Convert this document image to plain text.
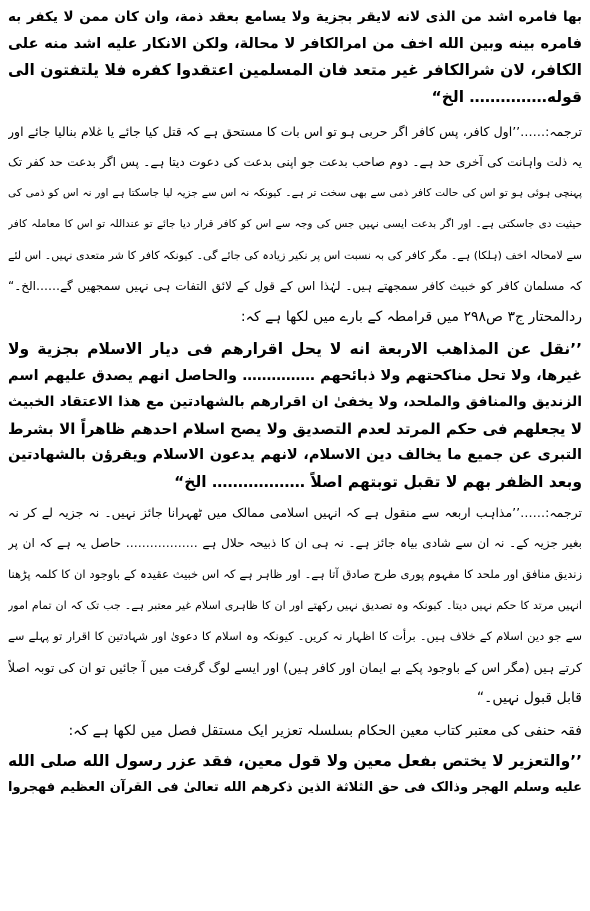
بها فامره اشد من الذی لانه لایقر بجزیة ولا یسامع بعقد ذمة، وان کان ممن لا یکفر به
فامره بینه وبین الله اخف من امرالکافر لا محالة، ولکن الانکار علیه اشد منه علی
الکافر، لان شرالکافر غیر متعد فان المسلمین اعتقدوا کفره فلا یلتفتون الی
قوله…………… الخ“
ترجمہ:……’’اول کافر، پس کافر اگر حربی ہو تو اس بات کا مستحق ہے کہ قتل کیا جائے یا غلام بنالیا جائے اور
یہ ذلت واہانت کی آخری حد ہے۔ دوم صاحب بدعت جو اپنی بدعت کی دعوت دیتا ہے۔ پس اگر بدعت حد کفر تک
پہنچی ہوئی ہو تو اس کی حالت کافر ذمی سے بھی سخت تر ہے۔ کیونکہ نہ اس سے جزیہ لیا جاسکتا ہے اور نہ اس کو ذمی کی
حیثیت دی جاسکتی ہے۔ اور اگر بدعت ایسی نہیں جس کی وجہ سے اس کو کافر قرار دیا جائے تو عنداللہ تو اس کا معاملہ کافر
سے لامحالہ اخف (ہلکا) ہے۔ مگر کافر کی بہ نسبت اس پر نکیر زیادہ کی جائے گی۔ کیونکہ کافر کا شر متعدی نہیں۔ اس لئے
کہ مسلمان کافر کو خبیث کافر سمجھتے ہیں۔ لہٰذا اس کے قول کے لائق التفات ہی نہیں سمجھیں گے……الخ۔“
ردالمحتار ج۳ ص۲۹۸ میں قرامطہ کے بارے میں لکھا ہے کہ:
’’نقل عن المذاهب الاربعة انه لا یحل اقرارهم فی دیار الاسلام بجزیة ولا
غیرها، ولا تحل مناکحتهم ولا ذبائحهم …………… والحاصل انهم یصدق علیهم اسم
الزندیق والمنافق والملحد، ولا یخفیٰ ان اقرارهم بالشهادتین مع هذا الاعتقاد الخبیث
لا یجعلهم فی حکم المرتد لعدم التصدیق ولا یصح اسلام احدهم ظاهراً الا بشرط
التبری عن جمیع ما یخالف دین الاسلام، لانهم یدعون الاسلام ویقرؤن بالشهادتین
وبعد الظفر بهم لا تقبل توبتهم اصلاً ……………… الخ“
ترجمہ:……’’مذاہب اربعہ سے منقول ہے کہ انہیں اسلامی ممالک میں ٹھہرانا جائز نہیں۔ نہ جزیہ لے کر نہ
بغیر جزیہ کے۔ نہ ان سے شادی بیاہ جائز ہے۔ نہ ہی ان کا ذبیحہ حلال ہے ……………… حاصل یہ ہے کہ ان پر
زندیق منافق اور ملحد کا مفہوم پوری طرح صادق آتا ہے۔ اور ظاہر ہے کہ اس خبیث عقیدہ کے باوجود ان کا کلمہ پڑھنا
انہیں مرتد کا حکم نہیں دیتا۔ کیونکہ وہ تصدیق نہیں رکھتے اور ان کا ظاہری اسلام غیر معتبر ہے۔ جب تک کہ ان تمام امور
سے جو دین اسلام کے خلاف ہیں۔ برأت کا اظہار نہ کریں۔ کیونکہ وہ اسلام کا دعویٰ اور شہادتین کا اقرار تو پہلے سے
کرتے ہیں (مگر اس کے باوجود پکے بے ایمان اور کافر ہیں) اور ایسے لوگ گرفت میں آ جائیں تو ان کی توبہ اصلاً
قابل قبول نہیں۔“
فقہ حنفی کی معتبر کتاب معین الحکام بسلسلہ تعزیر ایک مستقل فصل میں لکھا ہے کہ:
’’والتعزیر لا یختص بفعل معین ولا قول معین، فقد عزر رسول الله صلی الله
علیه وسلم الهجر وذالک فی حق الثلاثة الذین ذکرهم الله تعالیٰ فی القرآن العظیم فهجروا
